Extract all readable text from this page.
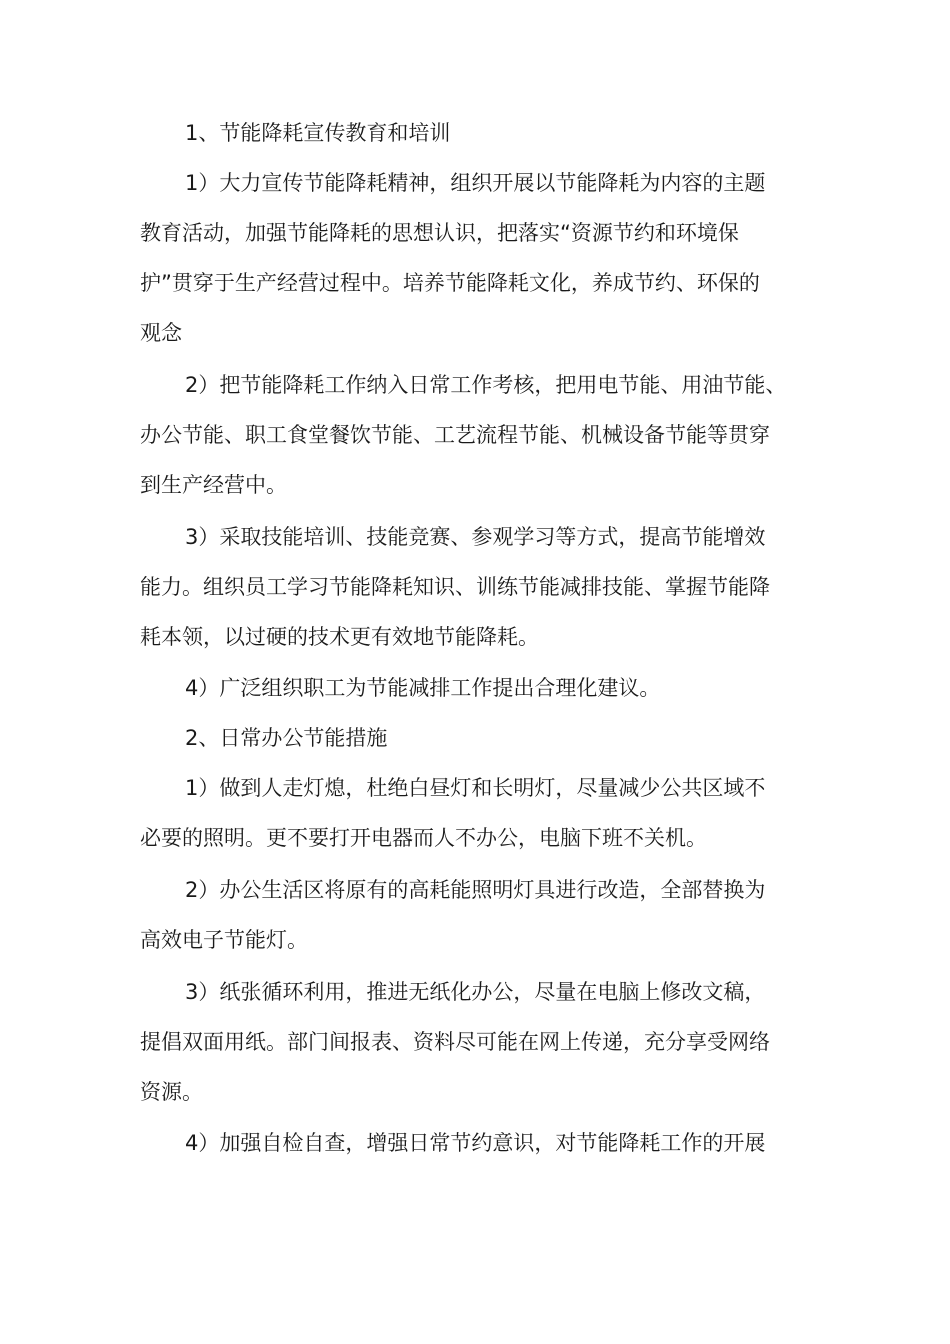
1、节能降耗宣传教育和培训

1）大力宣传节能降耗精神，组织开展以节能降耗为内容的主题

教育活动，加强节能降耗的思想认识，把落实“资源节约和环境保

护”贯穿于生产经营过程中。培养节能降耗文化，养成节约、环保的

观念

2）把节能降耗工作纳入日常工作考核，把用电节能、用油节能、

办公节能、职工食堂餐饮节能、工艺流程节能、机械设备节能等贯穿

到生产经营中。

3）采取技能培训、技能竞赛、参观学习等方式，提高节能增效

能力。组织员工学习节能降耗知识、训练节能减排技能、掌握节能降

耗本领，以过硬的技术更有效地节能降耗。

4）广泛组织职工为节能减排工作提出合理化建议。

2、日常办公节能措施

1）做到人走灯熄，杜绝白昼灯和长明灯，尽量减少公共区域不

必要的照明。更不要打开电器而人不办公，电脑下班不关机。

2）办公生活区将原有的高耗能照明灯具进行改造，全部替换为

高效电子节能灯。

3）纸张循环利用，推进无纸化办公，尽量在电脑上修改文稿，

提倡双面用纸。部门间报表、资料尽可能在网上传递，充分享受网络

资源。

4）加强自检自查，增强日常节约意识，对节能降耗工作的开展
